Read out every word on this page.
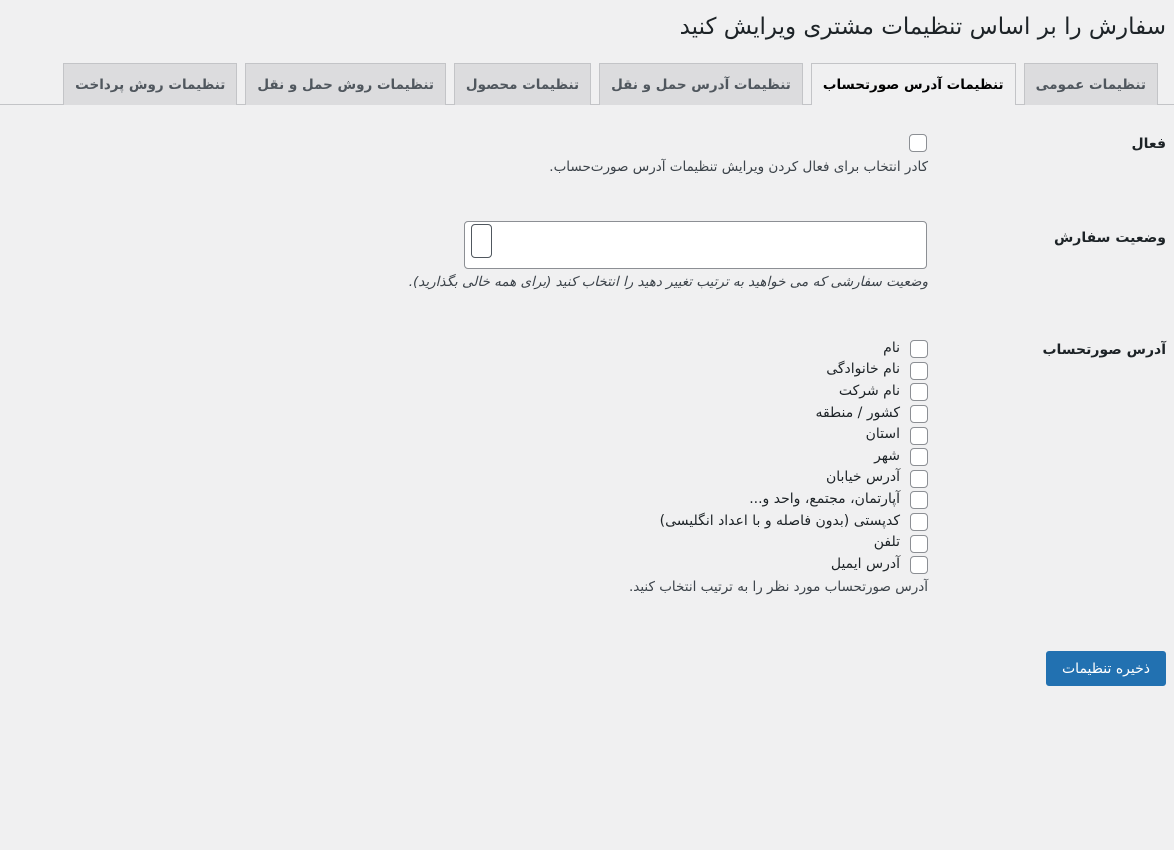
سفارش را بر اساس تنظیمات مشتری ویرایش کنید
تنظیمات عمومی
تنظیمات آدرس صورتحساب
تنظیمات آدرس حمل و نقل
تنظیمات محصول
تنظیمات روش حمل و نقل
تنظیمات روش پرداخت
فعال
کادر انتخاب برای فعال کردن ویرایش تنظیمات آدرس صورت‌حساب.
وضعیت سفارش
وضعیت سفارشی که می خواهید به ترتیب تغییر دهید را انتخاب کنید (برای همه خالی بگذارید).
آدرس صورتحساب
نام
نام خانوادگی
نام شرکت
کشور / منطقه
استان
شهر
آدرس خیابان
آپارتمان، مجتمع، واحد و...
کدپستی (بدون فاصله و با اعداد انگلیسی)
تلفن
آدرس ایمیل
آدرس صورتحساب مورد نظر را به ترتیب انتخاب کنید.
ذخیره تنظیمات
